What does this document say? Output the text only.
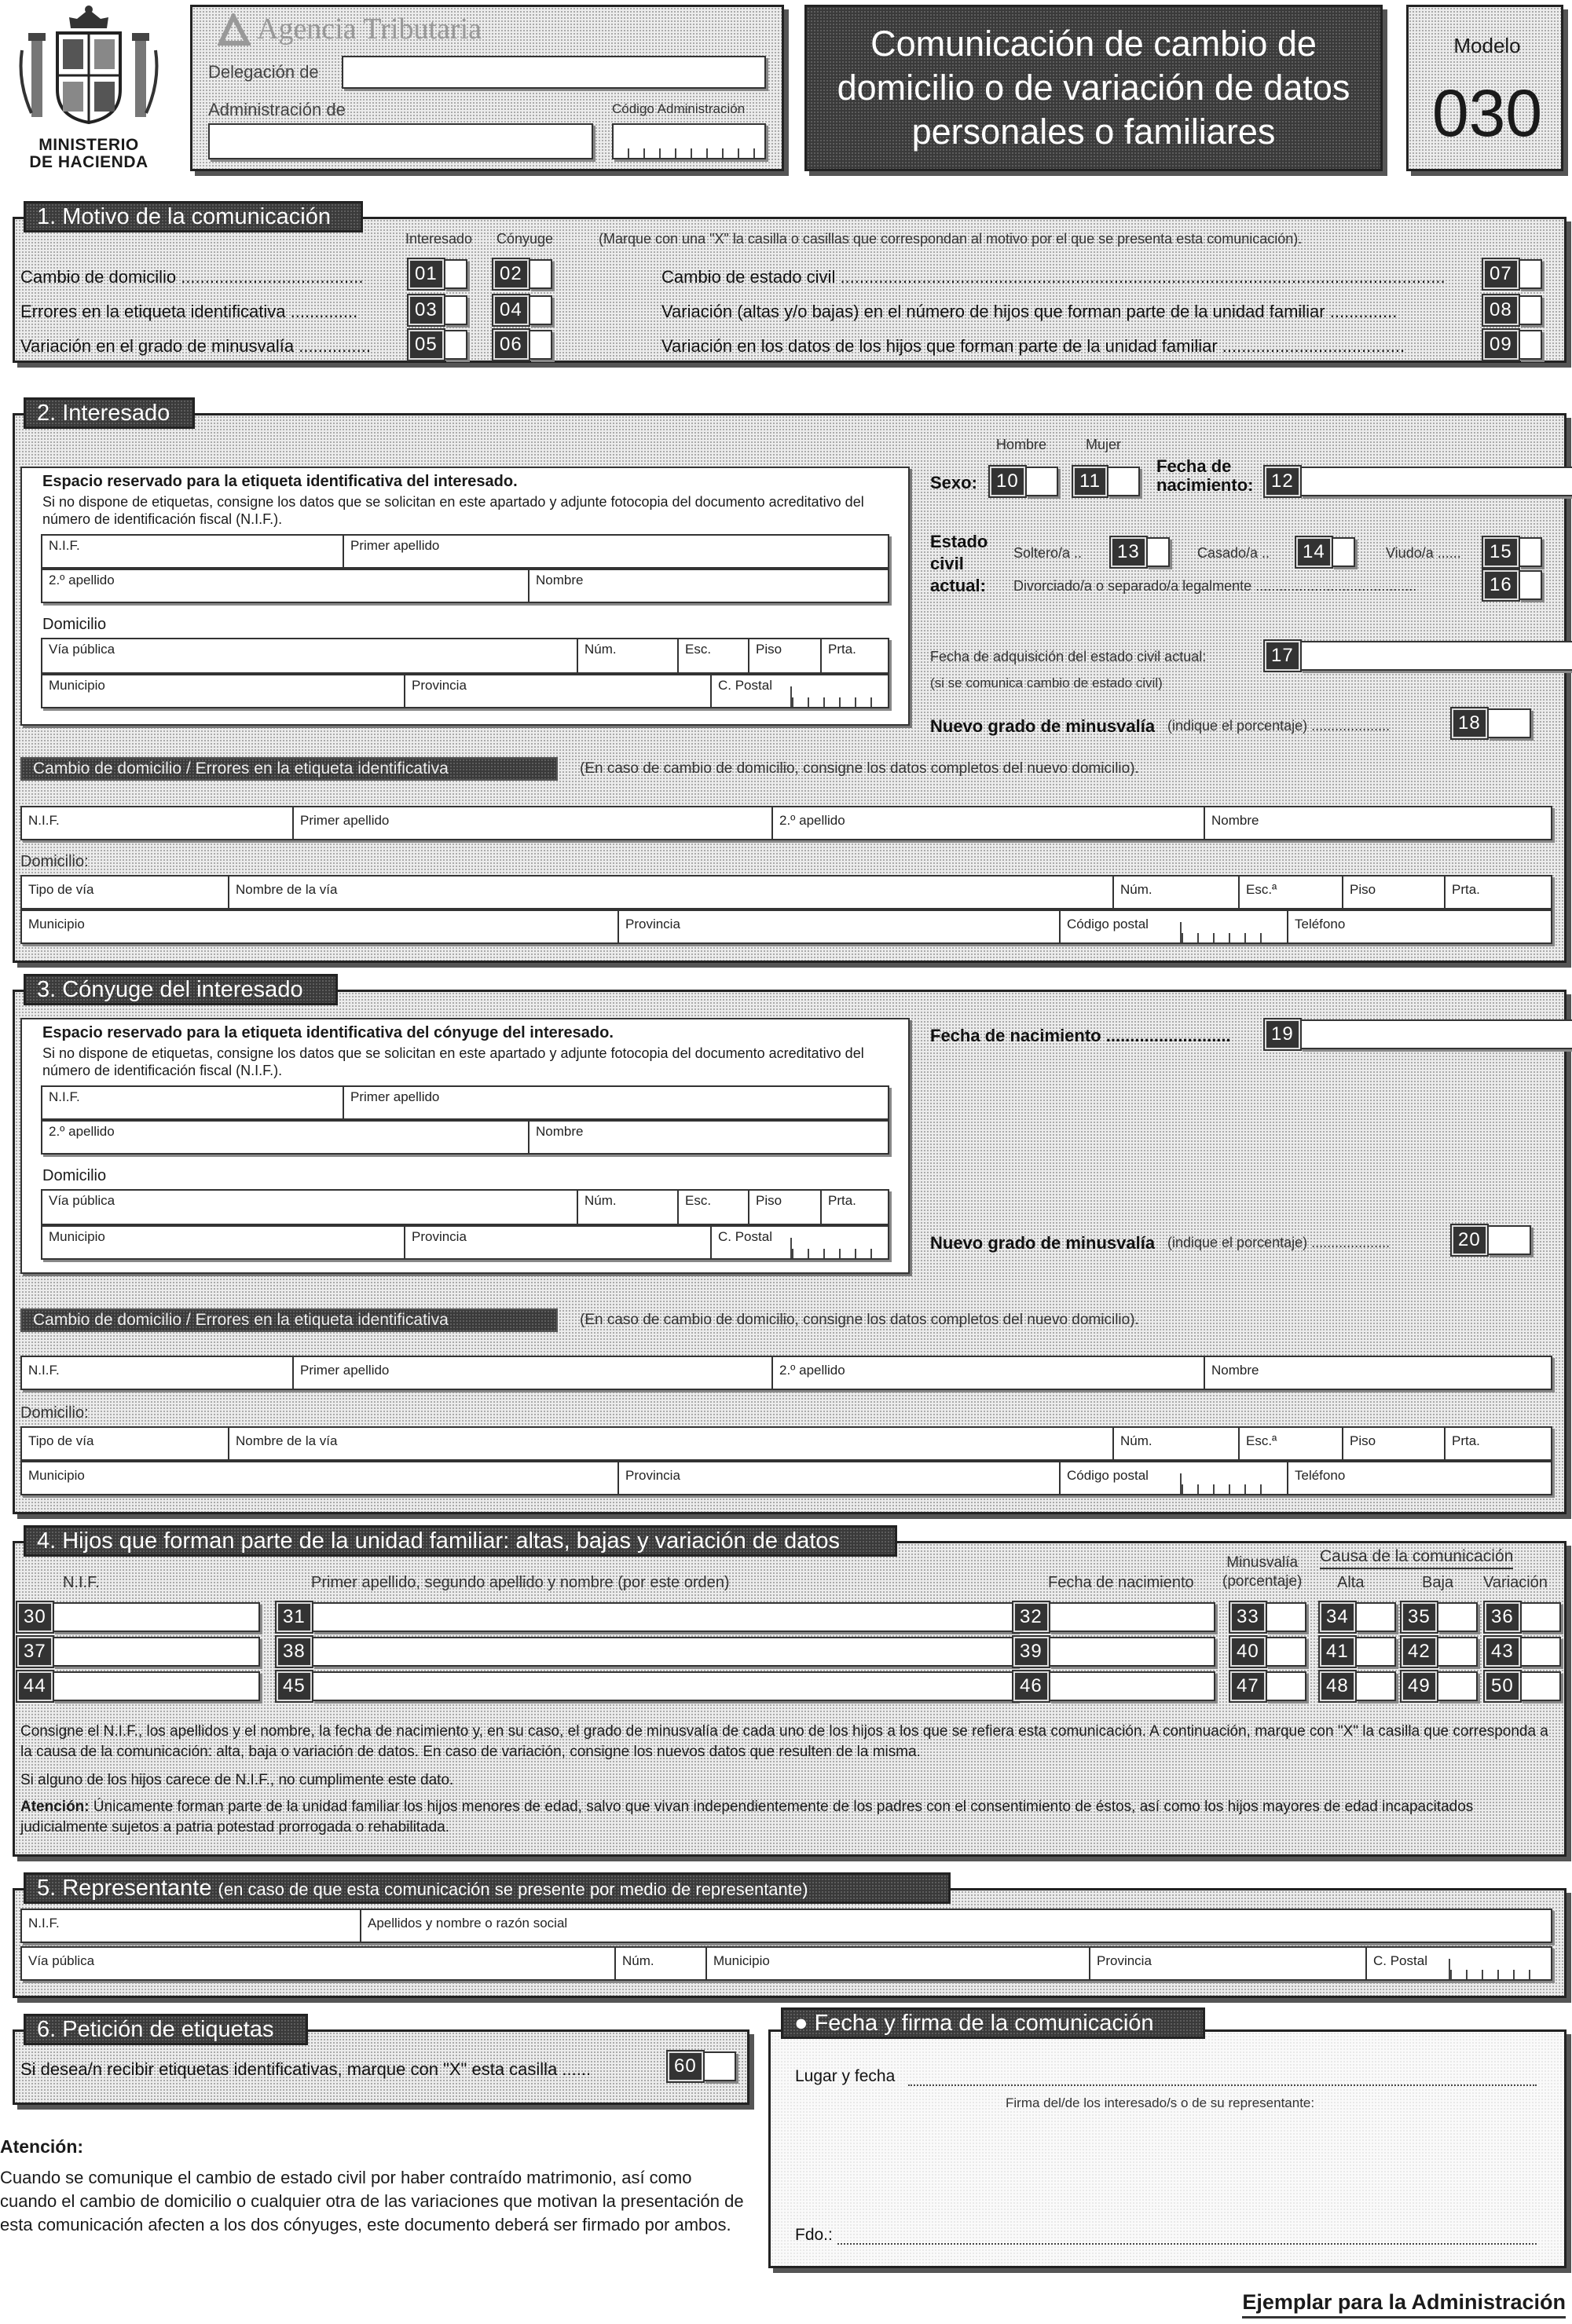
MINISTERIO
DE HACIENDA
Agencia Tributaria
Delegación de
Administración de	Código Administración
Comunicación de cambio de domicilio o de variación de datos personales o familiares
Modelo
030
1. Motivo de la comunicación
Interesado Cónyuge	(Marque con una "X" la casilla o casillas que correspondan al motivo por el que se presenta esta comunicación).
Cambio de domicilio ......................................
Errores en la etiqueta identificativa ..............
Variación en el grado de minusvalía ...............
01	02
03	04
05	06
Cambio de estado civil ..............................................................................................................................
Variación (altas y/o bajas) en el número de hijos que forman parte de la unidad familiar ..............
Variación en los datos de los hijos que forman parte de la unidad familiar ......................................
07
08
09
2. Interesado
Espacio reservado para la etiqueta identificativa del interesado.
Si no dispone de etiquetas, consigne los datos que se solicitan en este apartado y adjunte fotocopia del documento acreditativo del número de identificación fiscal (N.I.F.).
N.I.F.	Primer apellido
2.º apellido	Nombre
Domicilio
Vía pública	Núm.	Esc.	Piso	Prta.
Municipio	Provincia	C. Postal
Hombre	Mujer
Sexo:	10	11
Fecha de
nacimiento: 12
Estado
civil
actual:
Soltero/a ..	13	Casado/a ..	14	Viudo/a ......	15
Divorciado/a o separado/a legalmente .........................................	16
Fecha de adquisición del estado civil actual:
(si se comunica cambio de estado civil)
17
Nuevo grado de minusvalía (indique el porcentaje) ....................	18
Cambio de domicilio / Errores en la etiqueta identificativa	(En caso de cambio de domicilio, consigne los datos completos del nuevo domicilio).
N.I.F.	Primer apellido	2.º apellido	Nombre
Domicilio:
Tipo de vía	Nombre de la vía	Núm.	Esc.ª	Piso	Prta.
Municipio	Provincia	Código postal	Teléfono
3. Cónyuge del interesado
Espacio reservado para la etiqueta identificativa del cónyuge del interesado.
Si no dispone de etiquetas, consigne los datos que se solicitan en este apartado y adjunte fotocopia del documento acreditativo del número de identificación fiscal (N.I.F.).
N.I.F.	Primer apellido
2.º apellido	Nombre
Domicilio
Vía pública	Núm.	Esc.	Piso	Prta.
Municipio	Provincia	C. Postal
Fecha de nacimiento ..........................	19
Nuevo grado de minusvalía (indique el porcentaje) ....................	20
Cambio de domicilio / Errores en la etiqueta identificativa	(En caso de cambio de domicilio, consigne los datos completos del nuevo domicilio).
N.I.F.	Primer apellido	2.º apellido	Nombre
Domicilio:
Tipo de vía	Nombre de la vía	Núm.	Esc.ª	Piso	Prta.
Municipio	Provincia	Código postal	Teléfono
4. Hijos que forman parte de la unidad familiar: altas, bajas y variación de datos
N.I.F.	Primer apellido, segundo apellido y nombre (por este orden)	Fecha de nacimiento
Minusvalía
(porcentaje)
Causa de la comunicación
Alta	Baja Variación
30	31	32	33	34	35	36
37	38	39	40	41	42	43
44	45	46	47	48	49	50
Consigne el N.I.F., los apellidos y el nombre, la fecha de nacimiento y, en su caso, el grado de minusvalía de cada uno de los hijos a los que se refiera esta comunicación. A continuación, marque con "X" la casilla que corresponda a la causa de la comunicación: alta, baja o variación de datos. En caso de variación, consigne los nuevos datos que resulten de la misma.
Si alguno de los hijos carece de N.I.F., no cumplimente este dato.
Atención: Únicamente forman parte de la unidad familiar los hijos menores de edad, salvo que vivan independientemente de los padres con el consentimiento de éstos, así como los hijos mayores de edad incapacitados judicialmente sujetos a patria potestad prorrogada o rehabilitada.
5. Representante (en caso de que esta comunicación se presente por medio de representante)
N.I.F.	Apellidos y nombre o razón social
Vía pública	Núm.	Municipio	Provincia	C. Postal
6. Petición de etiquetas
Si desea/n recibir etiquetas identificativas, marque con "X" esta casilla ......	60
Atención:
Cuando se comunique el cambio de estado civil por haber contraído matrimonio, así como cuando el cambio de domicilio o cualquier otra de las variaciones que motivan la presentación de esta comunicación afecten a los dos cónyuges, este documento deberá ser firmado por ambos.
● Fecha y firma de la comunicación
Lugar y fecha
Firma del/de los interesado/s o de su representante:
Fdo.:
Ejemplar para la Administración
